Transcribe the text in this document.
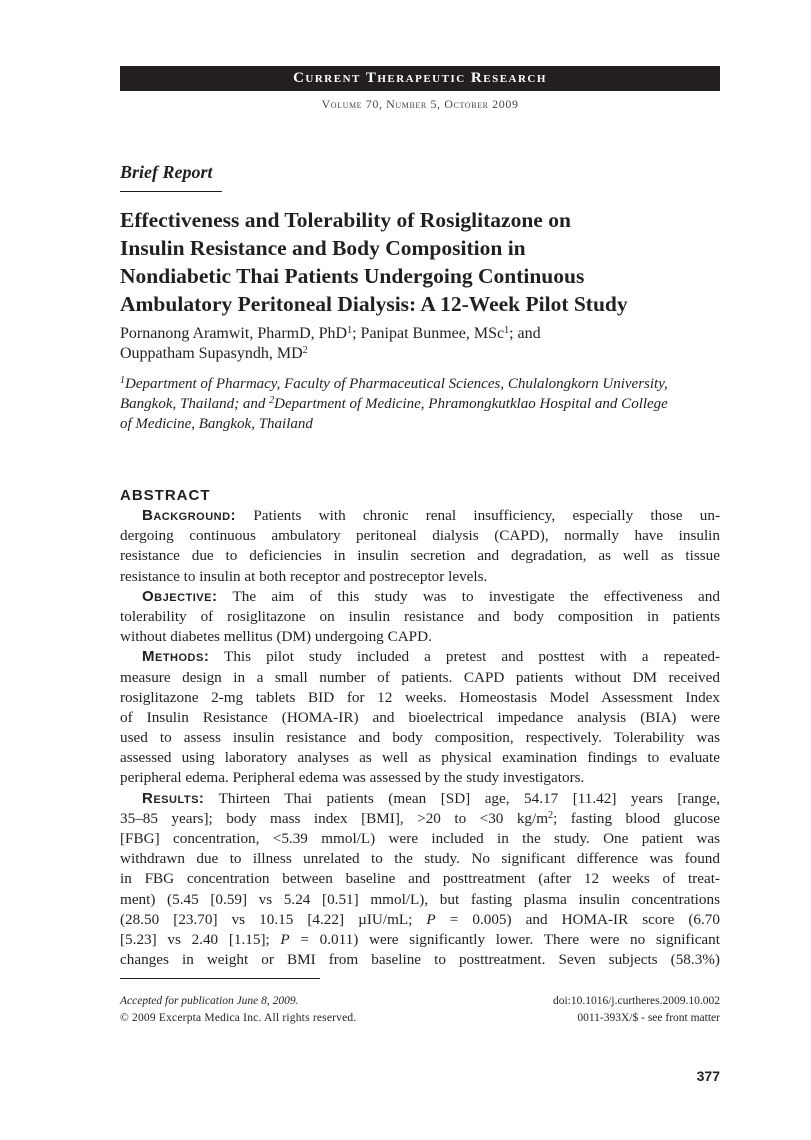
Current Therapeutic Research
Volume 70, Number 5, October 2009
Brief Report
Effectiveness and Tolerability of Rosiglitazone on
Insulin Resistance and Body Composition in
Nondiabetic Thai Patients Undergoing Continuous
Ambulatory Peritoneal Dialysis: A 12-Week Pilot Study
Pornanong Aramwit, PharmD, PhD$^1$; Panipat Bunmee, MSc$^1$; and
Ouppatham Supasyndh, $MD^2$
$^1$Department of Pharmacy, Faculty of Pharmaceutical Sciences, Chulalongkorn University,
Bangkok, Thailand; and $^2$Department of Medicine, Phramongkutklao Hospital and College
of Medicine, Bangkok, Thailand
ABSTRACT
Background: Patients with chronic renal insufficiency, especially those un-
dergoing continuous ambulatory peritoneal dialysis (CAPD), normally have insulin
resistance due to deficiencies in insulin secretion and degradation, as well as tissue
resistance to insulin at both receptor and postreceptor levels.
Objective: The aim of this study was to investigate the effectiveness and
tolerability of rosiglitazone on insulin resistance and body composition in patients
without diabetes mellitus (DM) undergoing CAPD.
Methods: This pilot study included a pretest and posttest with a repeated-
measure design in a small number of patients. CAPD patients without DM received
rosiglitazone 2-mg tablets BID for 12 weeks. Homeostasis Model Assessment Index
of Insulin Resistance (HOMA-IR) and bioelectrical impedance analysis (BIA) were
used to assess insulin resistance and body composition, respectively. Tolerability was
assessed using laboratory analyses as well as physical examination findings to evaluate
peripheral edema. Peripheral edema was assessed by the study investigators.
Results: Thirteen Thai patients (mean [SD] age, 54.17 [11.42] years [range,
35–85 years]; body mass index [BMI], >20 to <30 $kg/m^2$; fasting blood glucose
[FBG] concentration, <5.39 mmol/L) were included in the study. One patient was
withdrawn due to illness unrelated to the study. No significant difference was found
in FBG concentration between baseline and posttreatment (after 12 weeks of treat-
ment) (5.45 [0.59] vs 5.24 [0.51] mmol/L), but fasting plasma insulin concentrations
(28.50 [23.70] vs 10.15 [4.22] µIU/mL; P = 0.005) and HOMA-IR score (6.70
[5.23] vs 2.40 [1.15]; P = 0.011) were significantly lower. There were no significant
changes in weight or BMI from baseline to posttreatment. Seven subjects (58.3%)
Accepted for publication June 8, 2009.
© 2009 Excerpta Medica Inc. All rights reserved.
doi:10.1016/j.curtheres.2009.10.002
0011-393X/$ - see front matter
377
